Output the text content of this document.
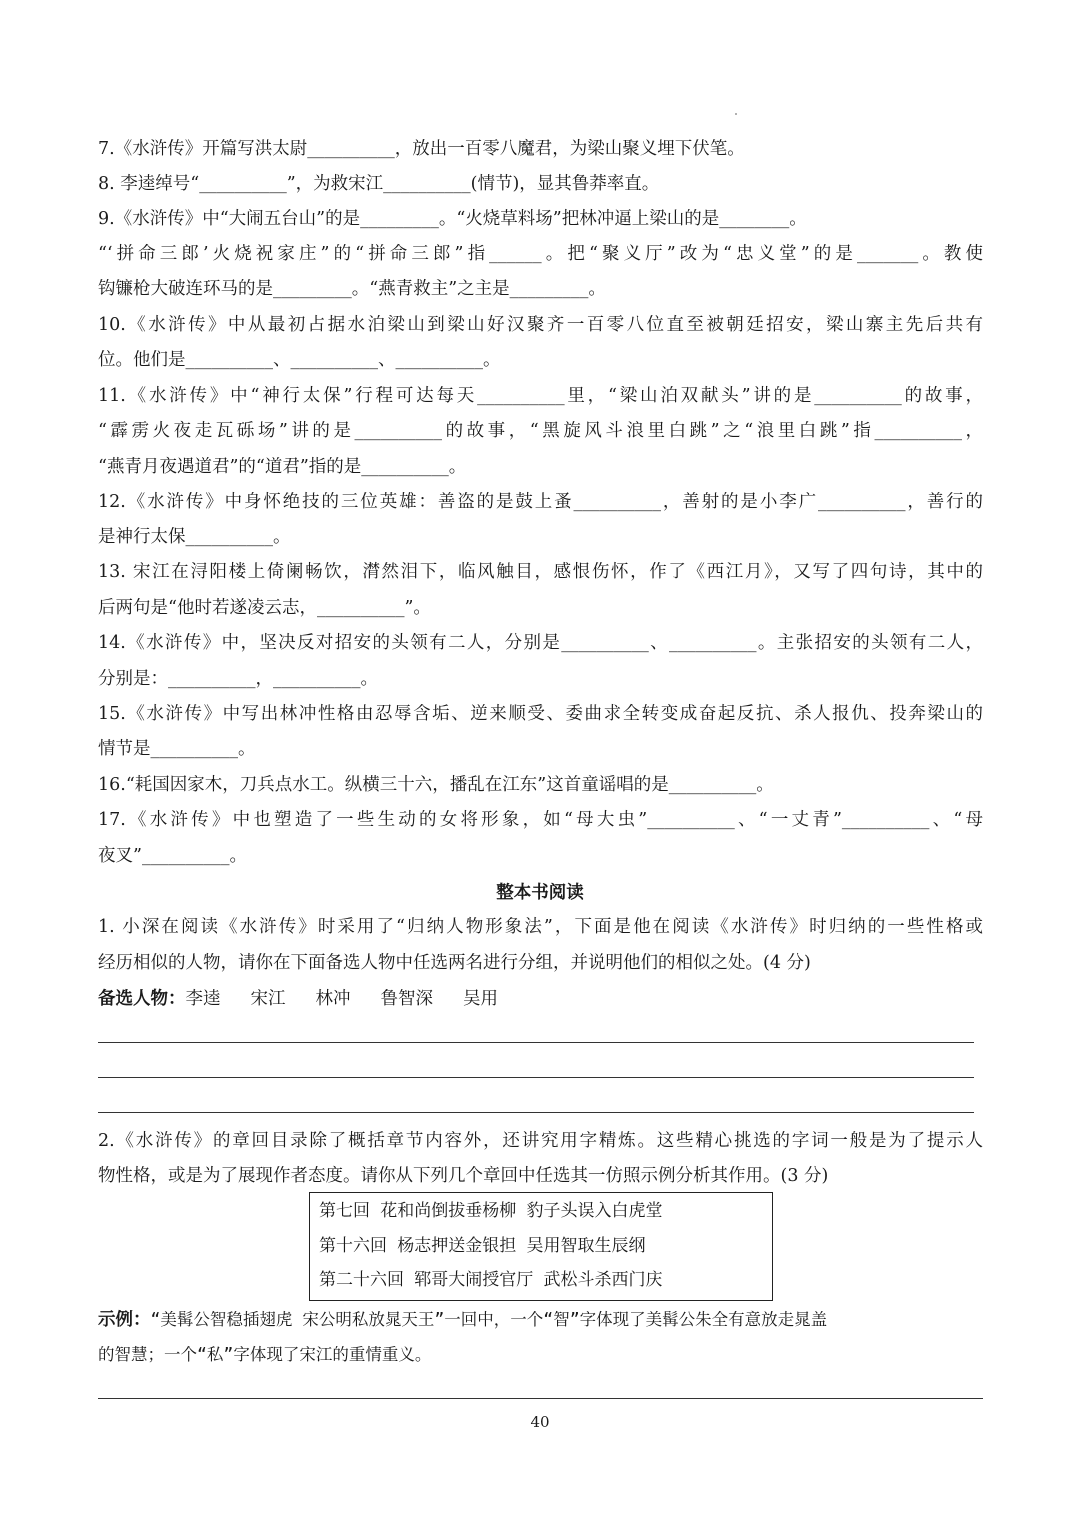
7.《水浒传》开篇写洪太尉__________，放出一百零八魔君，为梁山聚义埋下伏笔。
8. 李逵绰号“__________”，为救宋江__________(情节)，显其鲁莽率直。
9.《水浒传》中“大闹五台山”的是_________。“火烧草料场”把林冲逼上梁山的是________。
“‘拼命三郎’火烧祝家庄”的“拼命三郎”指______。把“聚义厅”改为“忠义堂”的是_______。教使
钩镰枪大破连环马的是_________。“燕青救主”之主是_________。
10.《水浒传》中从最初占据水泊梁山到梁山好汉聚齐一百零八位直至被朝廷招安，梁山寨主先后共有
位。他们是__________、__________、__________。
11.《水浒传》中“神行太保”行程可达每天__________里，“梁山泊双献头”讲的是__________的故事，
“霹雳火夜走瓦砾场”讲的是__________的故事，“黑旋风斗浪里白跳”之“浪里白跳”指__________，
“燕青月夜遇道君”的“道君”指的是__________。
12.《水浒传》中身怀绝技的三位英雄：善盗的是鼓上蚤__________，善射的是小李广__________，善行的
是神行太保__________。
13. 宋江在浔阳楼上倚阑畅饮，潸然泪下，临风触目，感恨伤怀，作了《西江月》，又写了四句诗，其中的
后两句是“他时若遂凌云志，__________”。
14.《水浒传》中，坚决反对招安的头领有二人，分别是__________、__________。主张招安的头领有二人，
分别是：__________，__________。
15.《水浒传》中写出林冲性格由忍辱含垢、逆来顺受、委曲求全转变成奋起反抗、杀人报仇、投奔梁山的
情节是__________。
16.“耗国因家木，刀兵点水工。纵横三十六，播乱在江东”这首童谣唱的是__________。
17.《水浒传》中也塑造了一些生动的女将形象，如“母大虫”__________、“一丈青”__________、“母
夜叉”__________。
整本书阅读
1. 小深在阅读《水浒传》时采用了“归纳人物形象法”，下面是他在阅读《水浒传》时归纳的一些性格或
经历相似的人物，请你在下面备选人物中任选两名进行分组，并说明他们的相似之处。(4 分)
备选人物：李逵 宋江 林冲 鲁智深 吴用
2.《水浒传》的章回目录除了概括章节内容外，还讲究用字精炼。这些精心挑选的字词一般是为了提示人
物性格，或是为了展现作者态度。请你从下列几个章回中任选其一仿照示例分析其作用。(3 分)
第七回 花和尚倒拔垂杨柳 豹子头误入白虎堂
第十六回 杨志押送金银担 吴用智取生辰纲
第二十六回 郓哥大闹授官厅 武松斗杀西门庆
示例：“美髯公智稳插翅虎 宋公明私放晁天王”一回中，一个“智”字体现了美髯公朱全有意放走晁盖
的智慧；一个“私”字体现了宋江的重情重义。
40
